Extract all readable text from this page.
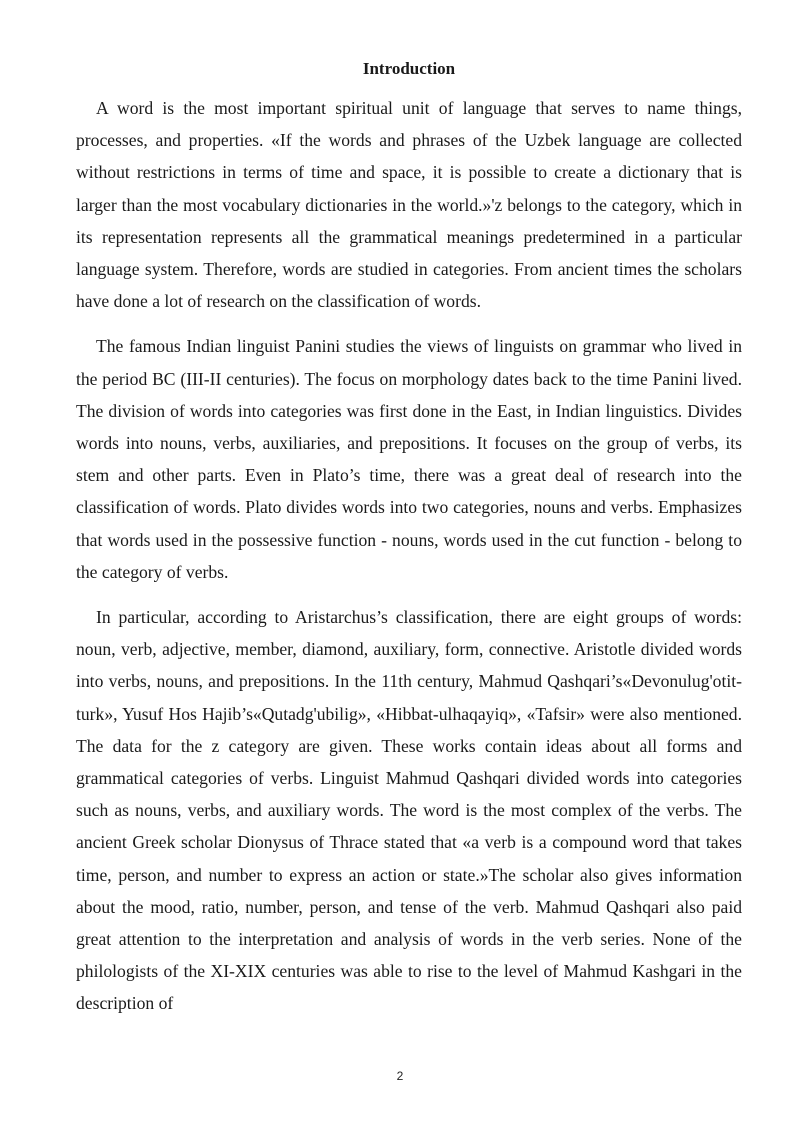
Introduction

A word is the most important spiritual unit of language that serves to name things, processes, and properties. «If the words and phrases of the Uzbek language are collected without restrictions in terms of time and space, it is possible to create a dictionary that is larger than the most vocabulary dictionaries in the world.»'z belongs to the category, which in its representation represents all the grammatical meanings predetermined in a particular language system. Therefore, words are studied in categories. From ancient times the scholars have done a lot of research on the classification of words.

The famous Indian linguist Panini studies the views of linguists on grammar who lived in the period BC (III-II centuries). The focus on morphology dates back to the time Panini lived. The division of words into categories was first done in the East, in Indian linguistics. Divides words into nouns, verbs, auxiliaries, and prepositions. It focuses on the group of verbs, its stem and other parts. Even in Plato’s time, there was a great deal of research into the classification of words. Plato divides words into two categories, nouns and verbs. Emphasizes that words used in the possessive function - nouns, words used in the cut function - belong to the category of verbs.

In particular, according to Aristarchus’s classification, there are eight groups of words: noun, verb, adjective, member, diamond, auxiliary, form, connective. Aristotle divided words into verbs, nouns, and prepositions. In the 11th century, Mahmud Qashqari’s«Devonulug'otit-turk», Yusuf Hos Hajib’s«Qutadg'ubilig», «Hibbat-ulhaqayiq», «Tafsir» were also mentioned. The data for the z category are given. These works contain ideas about all forms and grammatical categories of verbs. Linguist Mahmud Qashqari divided words into categories such as nouns, verbs, and auxiliary words. The word is the most complex of the verbs. The ancient Greek scholar Dionysus of Thrace stated that «a verb is a compound word that takes time, person, and number to express an action or state.»The scholar also gives information about the mood, ratio, number, person, and tense of the verb. Mahmud Qashqari also paid great attention to the interpretation and analysis of words in the verb series. None of the philologists of the XI-XIX centuries was able to rise to the level of Mahmud Kashgari in the description of

2
